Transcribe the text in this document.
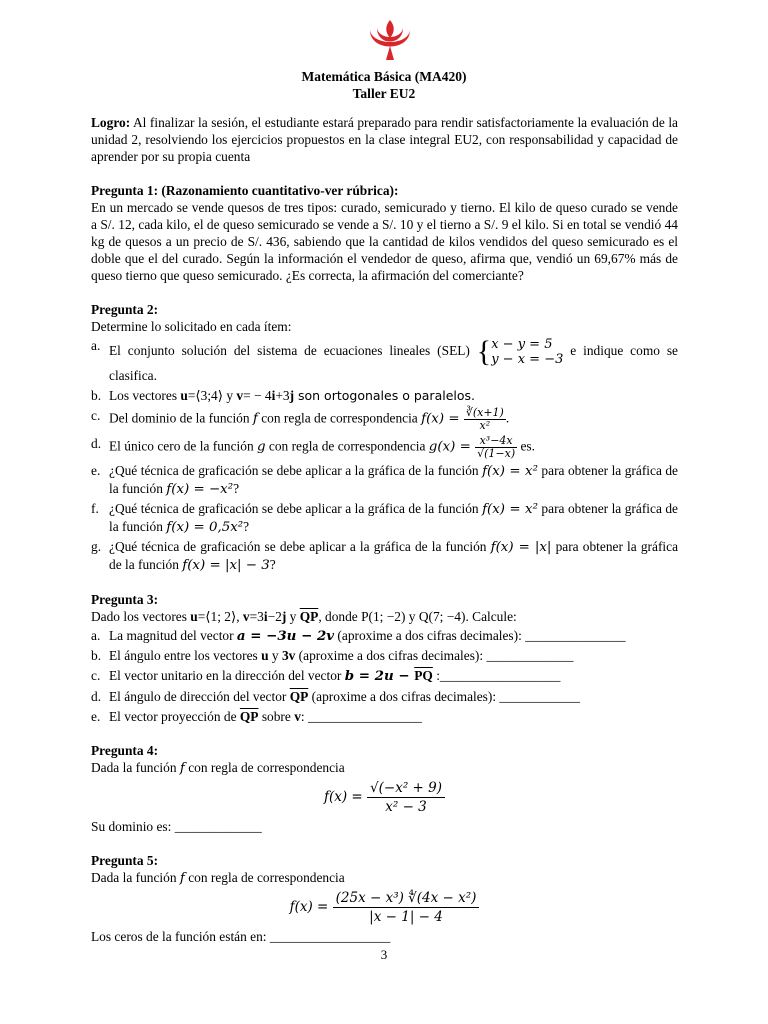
Matemática Básica (MA420)
Taller EU2
Logro: Al finalizar la sesión, el estudiante estará preparado para rendir satisfactoriamente la evaluación de la unidad 2, resolviendo los ejercicios propuestos en la clase integral EU2, con responsabilidad y capacidad de aprender por su propia cuenta
Pregunta 1: (Razonamiento cuantitativo-ver rúbrica):
En un mercado se vende quesos de tres tipos: curado, semicurado y tierno. El kilo de queso curado se vende a S/. 12, cada kilo, el de queso semicurado se vende a S/. 10 y el tierno a S/. 9 el kilo. Si en total se vendió 44 kg de quesos a un precio de S/. 436, sabiendo que la cantidad de kilos vendidos del queso semicurado es el doble que el del curado. Según la información el vendedor de queso, afirma que, vendió un 69,67% más de queso tierno que queso semicurado. ¿Es correcta, la afirmación del comerciante?
Pregunta 2:
Determine lo solicitado en cada ítem:
a. El conjunto solución del sistema de ecuaciones lineales (SEL) { x − y = 5
y − x = −3
e indique como se clasifica.
b. Los vectores u=⟨3;4⟩ y v= − 4i+3j son ortogonales o paralelos.
c. Del dominio de la función f con regla de correspondencia $f(x) = \frac{∛(x+1)}{\text{x²}}$ .
d. El único cero de la función g con regla de correspondencia $g(x) = \frac{\text{x³−4x}}{√(1-x)}$ es.
e. ¿Qué técnica de graficación se debe aplicar a la gráfica de la función f(x) = x² para obtener la gráfica de la función f(x) = −x²?
f. ¿Qué técnica de graficación se debe aplicar a la gráfica de la función f(x) = x² para obtener la gráfica de la función f(x) = 0,5x²?
g. ¿Qué técnica de graficación se debe aplicar a la gráfica de la función f(x) = |x| para obtener la gráfica de la función f(x) = |x| − 3?
Pregunta 3:
Dado los vectores u=⟨1; 2⟩, v=3i−2j y $\overline{QP}$, donde P(1; −2) y Q(7; −4). Calcule:
a. La magnitud del vector a = −3u − 2v (aproxime a dos cifras decimales): _______________
b. El ángulo entre los vectores u y 3v (aproxime a dos cifras decimales): _____________
c. El vector unitario en la dirección del vector $b = 2u - \overline{PQ}$ :__________________
d. El ángulo de dirección del vector $\overline{QP}$ (aproxime a dos cifras decimales): ____________
e. El vector proyección de $\overline{QP}$ sobre v: _________________
Pregunta 4:
Dada la función f con regla de correspondencia
$f(x) = \frac{\text{√(−x² + 9)}}{\text{x² − 3}}$
Su dominio es: _____________
Pregunta 5:
Dada la función f con regla de correspondencia
$f(x) = \frac{\text{(25x − x³) ∜(4x − x²)}}{|x - 1| - 4}$
Los ceros de la función están en: __________________
3
